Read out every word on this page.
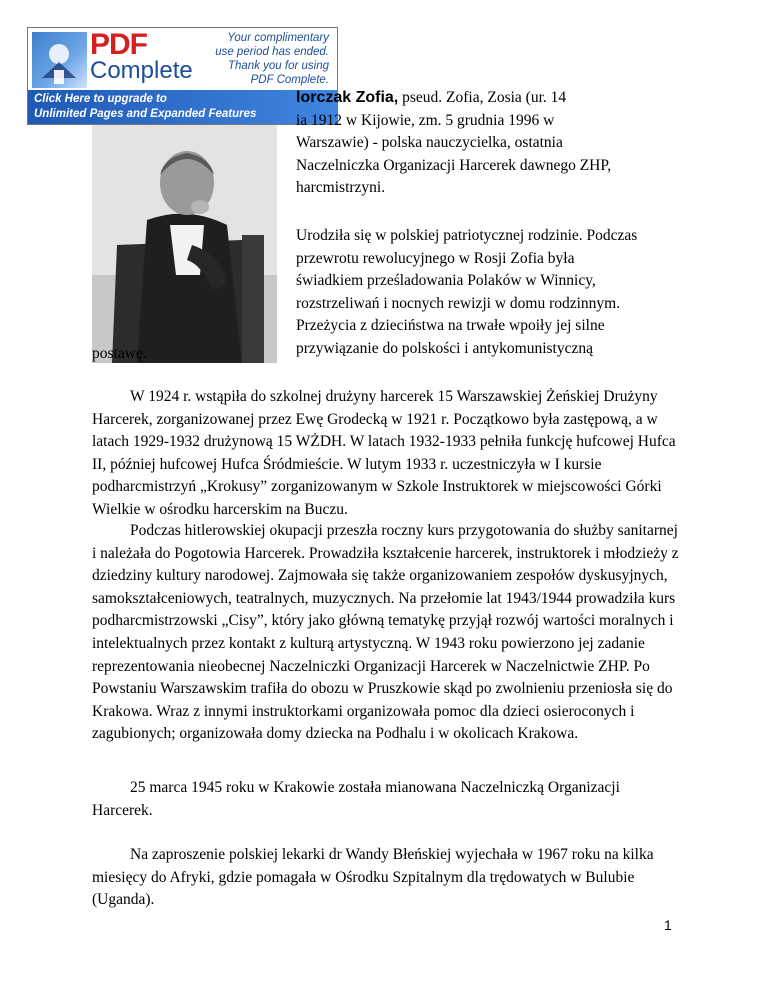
PDF
Complete
Your complimentary
use period has ended.
Thank you for using
PDF Complete.
Click Here to upgrade to
Unlimited Pages and Expanded Features
lorczak Zofia, pseud. Zofia, Zosia (ur. 14
ia 1912 w Kijowie, zm. 5 grudnia 1996 w
Warszawie) - polska nauczycielka, ostatnia
Naczelniczka Organizacji Harcerek dawnego ZHP,
harcmistrzyni.
Urodziła się w polskiej patriotycznej rodzinie. Podczas
przewrotu rewolucyjnego w Rosji Zofia była
świadkiem prześladowania Polaków w Winnicy,
rozstrzeliwań i nocnych rewizji w domu rodzinnym.
Przeżycia z dzieciństwa na trwałe wpoiły jej silne
przywiązanie do polskości i antykomunistyczną
postawę.

W 1924 r. wstąpiła do szkolnej drużyny harcerek 15 Warszawskiej Żeńskiej Drużyny Harcerek, zorganizowanej przez Ewę Grodecką w 1921 r. Początkowo była zastępową, a w latach 1929-1932 drużynową 15 WŻDH. W latach 1932-1933 pełniła funkcję hufcowej Hufca II, później hufcowej Hufca Śródmieście. W lutym 1933 r. uczestniczyła w I kursie podharcmistrzyń „Krokusy” zorganizowanym w Szkole Instruktorek w miejscowości Górki Wielkie w ośrodku harcerskim na Buczu.

Podczas hitlerowskiej okupacji przeszła roczny kurs przygotowania do służby sanitarnej i należała do Pogotowia Harcerek. Prowadziła kształcenie harcerek, instruktorek i młodzieży z dziedziny kultury narodowej. Zajmowała się także organizowaniem zespołów dyskusyjnych, samokształceniowych, teatralnych, muzycznych. Na przełomie lat 1943/1944 prowadziła kurs podharcmistrzowski „Cisy”, który jako główną tematykę przyjął rozwój wartości moralnych i intelektualnych przez kontakt z kulturą artystyczną. W 1943 roku powierzono jej zadanie reprezentowania nieobecnej Naczelniczki Organizacji Harcerek w Naczelnictwie ZHP. Po Powstaniu Warszawskim trafiła do obozu w Pruszkowie skąd po zwolnieniu przeniosła się do Krakowa. Wraz z innymi instruktorkami organizowała pomoc dla dzieci osieroconych i zagubionych; organizowała domy dziecka na Podhalu i w okolicach Krakowa.

25 marca 1945 roku w Krakowie została mianowana Naczelniczką Organizacji Harcerek.

Na zaproszenie polskiej lekarki dr Wandy Błeńskiej wyjechała w 1967 roku na kilka miesięcy do Afryki, gdzie pomagała w Ośrodku Szpitalnym dla trędowatych w Bulubie (Uganda).

1
